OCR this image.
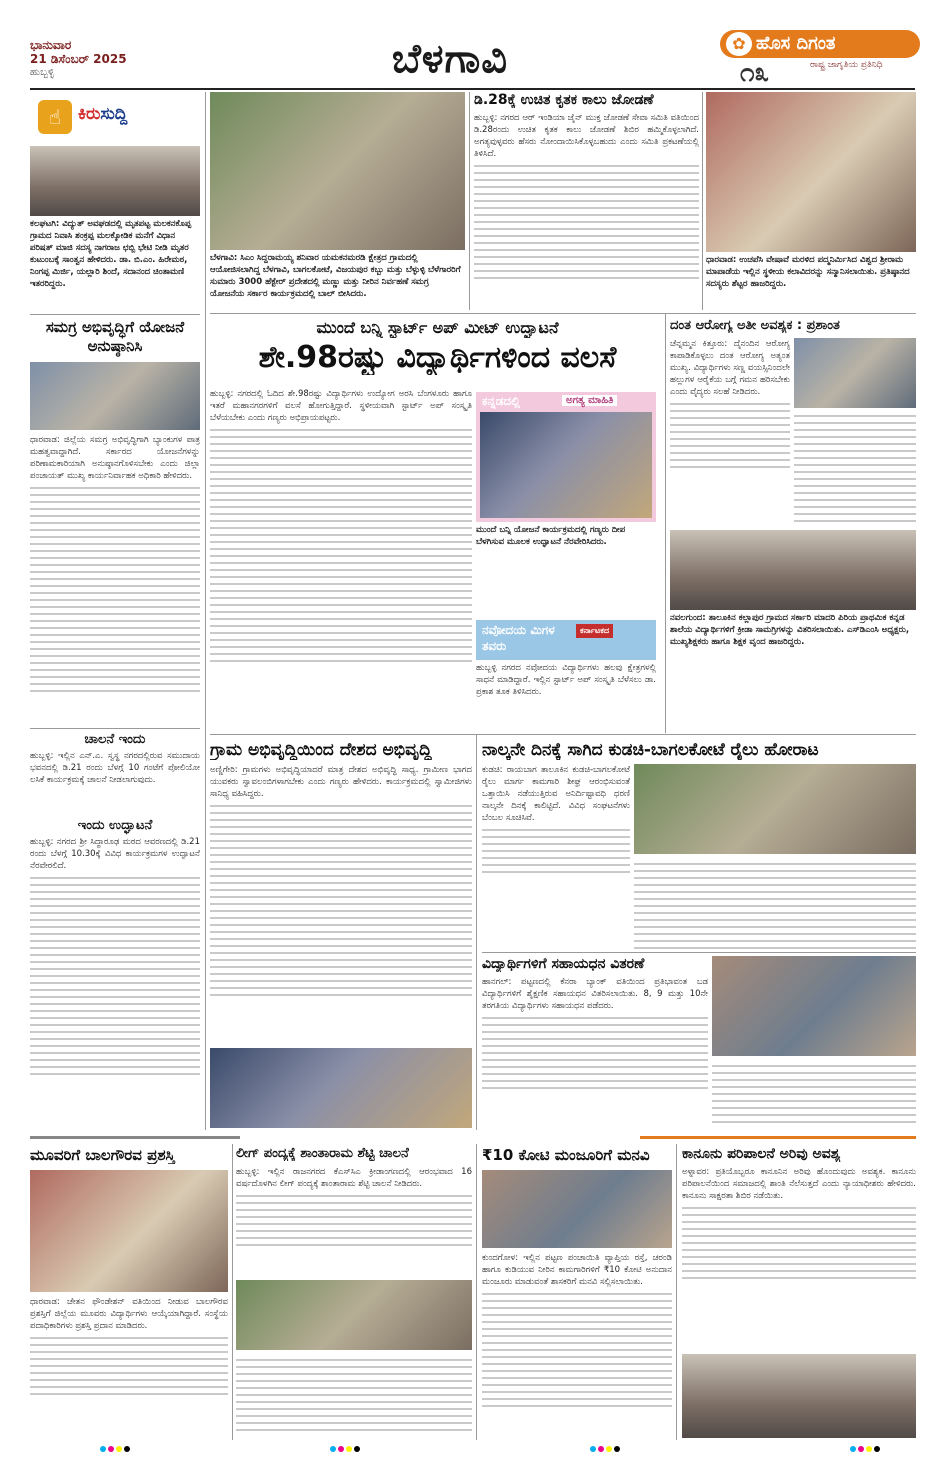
ಭಾನುವಾರ
21 ಡಿಸೆಂಬರ್ 2025
ಹುಬ್ಬಳ್ಳಿ	ಬೆಳಗಾವಿ	✿ ಹೊಸ ದಿಗಂತ
೧೩	ರಾಷ್ಟ್ರ ಜಾಗೃತಿಯ ಪ್ರತಿನಿಧಿ
☝ ಕಿರುಸುದ್ದಿ
ಕಲಘಟಗಿ: ವಿದ್ಯುತ್ ಅವಘಡದಲ್ಲಿ ಮೃತಪಟ್ಟ ಮಲಕನಕೊಪ್ಪ ಗ್ರಾಮದ ನಿವಾಸಿ ಶಂಕ್ರಪ್ಪ ಮಲಕ್ಕೋಡಿಕ ಮನೆಗೆ ವಿಧಾನ ಪರಿಷತ್ ಮಾಜಿ ಸದಸ್ಯ ನಾಗರಾಜ ಛಬ್ಬಿ ಭೇಟಿ ನೀಡಿ ಮೃತರ ಕುಟುಂಬಕ್ಕೆ ಸಾಂತ್ವನ ಹೇಳಿದರು. ಡಾ. ಬಿ.ಎಂ. ಹಿರೇಮಠ, ನಿಂಗಪ್ಪ ಮಿರ್ಜಿ, ಯಲ್ಲಾರಿ ಶಿಂದೆ, ಸದಾನಂದ ಚಿಂತಾಮಣಿ ಇತರರಿದ್ದರು.
ಸಮಗ್ರ ಅಭಿವೃದ್ಧಿಗೆ ಯೋಜನೆ ಅನುಷ್ಠಾನಿಸಿ
ಧಾರವಾಡ: ಜಿಲ್ಲೆಯ ಸಮಗ್ರ ಅಭಿವೃದ್ಧಿಗಾಗಿ ಬ್ಯಾಂಕುಗಳ ಪಾತ್ರ ಮಹತ್ವವಾದ್ದಾಗಿದೆ. ಸರ್ಕಾರದ ಯೋಜನೆಗಳನ್ನು ಪರಿಣಾಮಕಾರಿಯಾಗಿ ಅನುಷ್ಠಾನಗೊಳಿಸಬೇಕು ಎಂದು ಜಿಲ್ಲಾ ಪಂಚಾಯತ್ ಮುಖ್ಯ ಕಾರ್ಯನಿರ್ವಾಹಕ ಅಧಿಕಾರಿ ಹೇಳಿದರು.
ಚಾಲನೆ ಇಂದು
ಹುಬ್ಬಳ್ಳಿ: ಇಲ್ಲಿನ ಎನ್.ಎ. ಸ್ವಸ್ಥ ನಗರದಲ್ಲಿರುವ ಸಮುದಾಯ ಭವನದಲ್ಲಿ ಡಿ.21 ರಂದು ಬೆಳಗ್ಗೆ 10 ಗಂಟೆಗೆ ಪೋಲಿಯೋ ಲಸಿಕೆ ಕಾರ್ಯಕ್ರಮಕ್ಕೆ ಚಾಲನೆ ನೀಡಲಾಗುವುದು.
ಇಂದು ಉದ್ಘಾಟನೆ
ಹುಬ್ಬಳ್ಳಿ: ನಗರದ ಶ್ರೀ ಸಿದ್ಧಾರೂಢ ಮಠದ ಆವರಣದಲ್ಲಿ ಡಿ.21 ರಂದು ಬೆಳಗ್ಗೆ 10.30ಕ್ಕೆ ವಿವಿಧ ಕಾರ್ಯಕ್ರಮಗಳ ಉದ್ಘಾಟನೆ ನೆರವೇರಲಿದೆ.
ಬೆಳಗಾವಿ: ಸಿಎಂ ಸಿದ್ದರಾಮಯ್ಯ ಶನಿವಾರ ಯಮಕನಮರಡಿ ಕ್ಷೇತ್ರದ ಗ್ರಾಮದಲ್ಲಿ ಆಯೋಜಿಸಲಾಗಿದ್ದ ಬೆಳಗಾವಿ, ಬಾಗಲಕೋಟೆ, ವಿಜಯಪುರ ಕಬ್ಬು ಮತ್ತು ಬೆಳ್ಳುಳ್ಳಿ ಬೆಳೆಗಾರರಿಗೆ ಸುಮಾರು 3000 ಹೆಕ್ಟೇರ್ ಪ್ರದೇಶದಲ್ಲಿ ಮಣ್ಣು ಮತ್ತು ನೀರಿನ ನಿರ್ವಹಣೆ ಸಮಗ್ರ ಯೋಜನೆಯ ಸರ್ಕಾರ ಕಾರ್ಯಕ್ರಮದಲ್ಲಿ ಬಾಲ್ ಬೀಸಿದರು.
ಡಿ.28ಕ್ಕೆ ಉಚಿತ ಕೃತಕ ಕಾಲು ಜೋಡಣೆ
ಹುಬ್ಬಳ್ಳಿ: ನಗರದ ಆರ್ ಇಂಡಿಯಾ ಜೈನ್ ಮುಕ್ತ ಜೋಡಣೆ ಸೇವಾ ಸಮಿತಿ ವತಿಯಿಂದ ಡಿ.28ರಂದು ಉಚಿತ ಕೃತಕ ಕಾಲು ಜೋಡಣೆ ಶಿಬಿರ ಹಮ್ಮಿಕೊಳ್ಳಲಾಗಿದೆ. ಅಗತ್ಯವುಳ್ಳವರು ಹೆಸರು ನೋಂದಾಯಿಸಿಕೊಳ್ಳಬಹುದು ಎಂದು ಸಮಿತಿ ಪ್ರಕಟಣೆಯಲ್ಲಿ ತಿಳಿಸಿದೆ.
ಧಾರವಾಡ: ಉಚಪೆಸಿ ವೇಷಾವೆ ಮರಳಿದ ಪದ್ಮನಿರ್ಮಿಸಿದ ವಿಶ್ವದ ಶ್ರೀರಾಮ ಮಾಪಾಡೆಯ ಇಲ್ಲಿನ ಸ್ಥಳೀಯ ಕಲಾವಿದರನ್ನು ಸನ್ಮಾನಿಸಲಾಯಿತು. ಪ್ರತಿಷ್ಠಾನದ ಸದಸ್ಯರು ಶೆಟ್ಟರ ಹಾಜರಿದ್ದರು.
ಮುಂದೆ ಬನ್ನಿ ಸ್ಟಾರ್ಟ್ ಅಪ್ ಮೀಟ್ ಉದ್ಘಾಟನೆ
ಶೇ.98ರಷ್ಟು ವಿದ್ಯಾರ್ಥಿಗಳಿಂದ ವಲಸೆ
ಹುಬ್ಬಳ್ಳಿ: ನಗರದಲ್ಲಿ ಓದಿದ ಶೇ.98ರಷ್ಟು ವಿದ್ಯಾರ್ಥಿಗಳು ಉದ್ಯೋಗ ಅರಸಿ ಬೆಂಗಳೂರು ಹಾಗೂ ಇತರೆ ಮಹಾನಗರಗಳಿಗೆ ವಲಸೆ ಹೋಗುತ್ತಿದ್ದಾರೆ. ಸ್ಥಳೀಯವಾಗಿ ಸ್ಟಾರ್ಟ್ ಅಪ್ ಸಂಸ್ಕೃತಿ ಬೆಳೆಯಬೇಕು ಎಂದು ಗಣ್ಯರು ಅಭಿಪ್ರಾಯಪಟ್ಟರು.
ಕನ್ನಡದಲ್ಲಿ	ಅಗತ್ಯ ಮಾಹಿತಿ
ಮುಂದೆ ಬನ್ನಿ ಯೋಜನೆ ಕಾರ್ಯಕ್ರಮದಲ್ಲಿ ಗಣ್ಯರು ದೀಪ ಬೆಳಗಿಸುವ ಮೂಲಕ ಉದ್ಘಾಟನೆ ನೆರವೇರಿಸಿದರು.
ನವೋದಯ ಮಿಗಳ ತವರು
ಕರ್ನಾಟಕದ
ಹುಬ್ಬಳ್ಳಿ ನಗರದ ನವೋದಯ ವಿದ್ಯಾರ್ಥಿಗಳು ಹಲವು ಕ್ಷೇತ್ರಗಳಲ್ಲಿ ಸಾಧನೆ ಮಾಡಿದ್ದಾರೆ. ಇಲ್ಲಿನ ಸ್ಟಾರ್ಟ್ ಅಪ್ ಸಂಸ್ಕೃತಿ ಬೆಳೆಸಲು ಡಾ. ಪ್ರಕಾಶ ತೂಕ ತಿಳಿಸಿದರು.
ದಂತ ಆರೋಗ್ಯ ಅತೀ ಅವಶ್ಯಕ : ಪ್ರಶಾಂತ
ಚೆನ್ನಮ್ಮನ ಕಿತ್ತೂರು: ದೈನಂದಿನ ಆರೋಗ್ಯ ಕಾಪಾಡಿಕೊಳ್ಳಲು ದಂತ ಆರೋಗ್ಯ ಅತ್ಯಂತ ಮುಖ್ಯ. ವಿದ್ಯಾರ್ಥಿಗಳು ಸಣ್ಣ ವಯಸ್ಸಿನಿಂದಲೇ ಹಲ್ಲುಗಳ ಆರೈಕೆಯ ಬಗ್ಗೆ ಗಮನ ಹರಿಸಬೇಕು ಎಂದು ವೈದ್ಯರು ಸಲಹೆ ನೀಡಿದರು.
ನವಲಗುಂದ: ತಾಲೂಕಿನ ಕಲ್ಲಾಪುರ ಗ್ರಾಮದ ಸರ್ಕಾರಿ ಮಾದರಿ ಪಿರಿಯ ಪ್ರಾಥಮಿಕ ಕನ್ನಡ ಶಾಲೆಯ ವಿದ್ಯಾರ್ಥಿಗಳಿಗೆ ಕ್ರೀಡಾ ಸಾಮಗ್ರಿಗಳನ್ನು ವಿತರಿಸಲಾಯಿತು. ಎಸ್‌ಡಿಎಂಸಿ ಅಧ್ಯಕ್ಷರು, ಮುಖ್ಯಶಿಕ್ಷಕರು ಹಾಗೂ ಶಿಕ್ಷಕ ವೃಂದ ಹಾಜರಿದ್ದರು.
ಗ್ರಾಮ ಅಭಿವೃದ್ಧಿಯಿಂದ ದೇಶದ ಅಭಿವೃದ್ಧಿ
ಅಣ್ಣಿಗೇರಿ: ಗ್ರಾಮಗಳು ಅಭಿವೃದ್ಧಿಯಾದರೆ ಮಾತ್ರ ದೇಶದ ಅಭಿವೃದ್ಧಿ ಸಾಧ್ಯ. ಗ್ರಾಮೀಣ ಭಾಗದ ಯುವಕರು ಸ್ವಾವಲಂಬಿಗಳಾಗಬೇಕು ಎಂದು ಗಣ್ಯರು ಹೇಳಿದರು. ಕಾರ್ಯಕ್ರಮದಲ್ಲಿ ಸ್ವಾಮೀಜಿಗಳು ಸಾನಿಧ್ಯ ವಹಿಸಿದ್ದರು.
ನಾಲ್ಕನೇ ದಿನಕ್ಕೆ ಸಾಗಿದ ಕುಡಚಿ-ಬಾಗಲಕೋಟೆ ರೈಲು ಹೋರಾಟ
ಕುಡಚಿ: ರಾಯಬಾಗ ತಾಲೂಕಿನ ಕುಡಚಿ-ಬಾಗಲಕೋಟೆ ರೈಲು ಮಾರ್ಗ ಕಾಮಗಾರಿ ಶೀಘ್ರ ಆರಂಭಿಸುವಂತೆ ಒತ್ತಾಯಿಸಿ ನಡೆಯುತ್ತಿರುವ ಅನಿರ್ದಿಷ್ಟಾವಧಿ ಧರಣಿ ನಾಲ್ಕನೇ ದಿನಕ್ಕೆ ಕಾಲಿಟ್ಟಿದೆ. ವಿವಿಧ ಸಂಘಟನೆಗಳು ಬೆಂಬಲ ಸೂಚಿಸಿವೆ.
ವಿದ್ಯಾರ್ಥಿಗಳಿಗೆ ಸಹಾಯಧನ ವಿತರಣೆ
ಹಾನಗಲ್: ಪಟ್ಟಣದಲ್ಲಿ ಕೆನರಾ ಬ್ಯಾಂಕ್ ವತಿಯಿಂದ ಪ್ರತಿಭಾವಂತ ಬಡ ವಿದ್ಯಾರ್ಥಿಗಳಿಗೆ ಶೈಕ್ಷಣಿಕ ಸಹಾಯಧನ ವಿತರಿಸಲಾಯಿತು. 8, 9 ಮತ್ತು 10ನೇ ತರಗತಿಯ ವಿದ್ಯಾರ್ಥಿಗಳು ಸಹಾಯಧನ ಪಡೆದರು.
ಮೂವರಿಗೆ ಬಾಲಗೌರವ ಪ್ರಶಸ್ತಿ
ಧಾರವಾಡ: ಚೇತನ ಫೌಂಡೇಶನ್ ವತಿಯಿಂದ ನೀಡುವ ಬಾಲಗೌರವ ಪ್ರಶಸ್ತಿಗೆ ಜಿಲ್ಲೆಯ ಮೂವರು ವಿದ್ಯಾರ್ಥಿಗಳು ಆಯ್ಕೆಯಾಗಿದ್ದಾರೆ. ಸಂಸ್ಥೆಯ ಪದಾಧಿಕಾರಿಗಳು ಪ್ರಶಸ್ತಿ ಪ್ರದಾನ ಮಾಡಿದರು.
ಲೀಗ್ ಪಂದ್ಯಕ್ಕೆ ಶಾಂತಾರಾಮ ಶೆಟ್ಟಿ ಚಾಲನೆ
ಹುಬ್ಬಳ್ಳಿ: ಇಲ್ಲಿನ ರಾಜನಗರದ ಕೆಎಸ್‌ಸಿಎ ಕ್ರೀಡಾಂಗಣದಲ್ಲಿ ಆರಂಭವಾದ 16 ವರ್ಷದೊಳಗಿನ ಲೀಗ್ ಪಂದ್ಯಕ್ಕೆ ಶಾಂತಾರಾಮ ಶೆಟ್ಟಿ ಚಾಲನೆ ನೀಡಿದರು.
₹10 ಕೋಟಿ ಮಂಜೂರಿಗೆ ಮನವಿ
ಕುಂದಗೋಳ: ಇಲ್ಲಿನ ಪಟ್ಟಣ ಪಂಚಾಯಿತಿ ವ್ಯಾಪ್ತಿಯ ರಸ್ತೆ, ಚರಂಡಿ ಹಾಗೂ ಕುಡಿಯುವ ನೀರಿನ ಕಾಮಗಾರಿಗಳಿಗೆ ₹10 ಕೋಟಿ ಅನುದಾನ ಮಂಜೂರು ಮಾಡುವಂತೆ ಶಾಸಕರಿಗೆ ಮನವಿ ಸಲ್ಲಿಸಲಾಯಿತು.
ಕಾನೂನು ಪರಿಪಾಲನೆ ಅರಿವು ಅವಶ್ಯ
ಅಳ್ನಾವರ: ಪ್ರತಿಯೊಬ್ಬರೂ ಕಾನೂನಿನ ಅರಿವು ಹೊಂದುವುದು ಅವಶ್ಯಕ. ಕಾನೂನು ಪರಿಪಾಲನೆಯಿಂದ ಸಮಾಜದಲ್ಲಿ ಶಾಂತಿ ನೆಲೆಸುತ್ತದೆ ಎಂದು ನ್ಯಾಯಾಧೀಶರು ಹೇಳಿದರು. ಕಾನೂನು ಸಾಕ್ಷರತಾ ಶಿಬಿರ ನಡೆಯಿತು.
